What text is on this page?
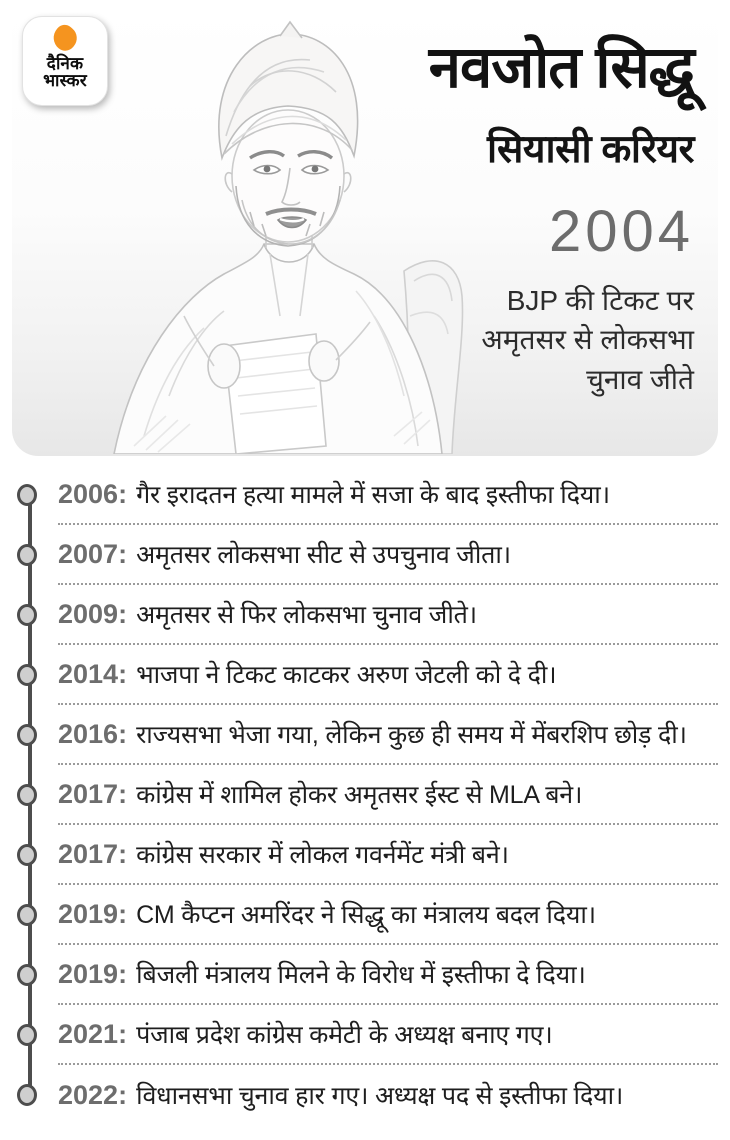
दैनिक
भास्कर	नवजोत सिद्धू
सियासी करियर
2004
BJP की टिकट पर
अमृतसर से लोकसभा
चुनाव जीते
2006: गैर इरादतन हत्या मामले में सजा के बाद इस्तीफा दिया।
2007: अमृतसर लोकसभा सीट से उपचुनाव जीता।
2009: अमृतसर से फिर लोकसभा चुनाव जीते।
2014: भाजपा ने टिकट काटकर अरुण जेटली को दे दी।
2016: राज्यसभा भेजा गया, लेकिन कुछ ही समय में मेंबरशिप छोड़ दी।
2017: कांग्रेस में शामिल होकर अमृतसर ईस्ट से MLA बने।
2017: कांग्रेस सरकार में लोकल गवर्नमेंट मंत्री बने।
2019: CM कैप्टन अमरिंदर ने सिद्धू का मंत्रालय बदल दिया।
2019: बिजली मंत्रालय मिलने के विरोध में इस्तीफा दे दिया।
2021: पंजाब प्रदेश कांग्रेस कमेटी के अध्यक्ष बनाए गए।
2022: विधानसभा चुनाव हार गए। अध्यक्ष पद से इस्तीफा दिया।
